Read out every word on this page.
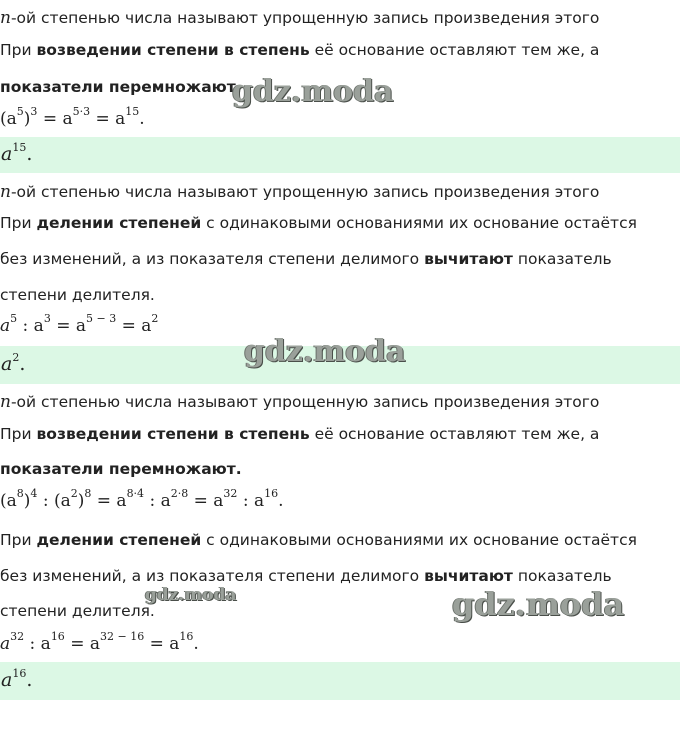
n-ой степенью числа называют упрощенную запись произведения этого
При возведении степени в степень её основание оставляют тем же, а
показатели перемножают.
$(a^5)^3 = a^{5\cdot 3} = a^{15}$.
$a^{15}$.
n-ой степенью числа называют упрощенную запись произведения этого
При делении степеней с одинаковыми основаниями их основание остаётся
без изменений, а из показателя степени делимого вычитают показатель
степени делителя.
$a^5$ : $a^3 = a^{5 - 3} = a^2$
$a^2$.
n-ой степенью числа называют упрощенную запись произведения этого
При возведении степени в степень её основание оставляют тем же, а
показатели перемножают.
$(a^8)^4$ : $(a^2)^8 = a^{8\cdot 4}$ : $a^{2\cdot 8} = a^{32}$ : $a^{16}$.
При делении степеней с одинаковыми основаниями их основание остаётся
без изменений, а из показателя степени делимого вычитают показатель
степени делителя.
$a^{32}$ : $a^{16} = a^{32 - 16} = a^{16}$.
$a^{16}$.
gdz.moda
gdz.moda
gdz.moda	gdz.moda
